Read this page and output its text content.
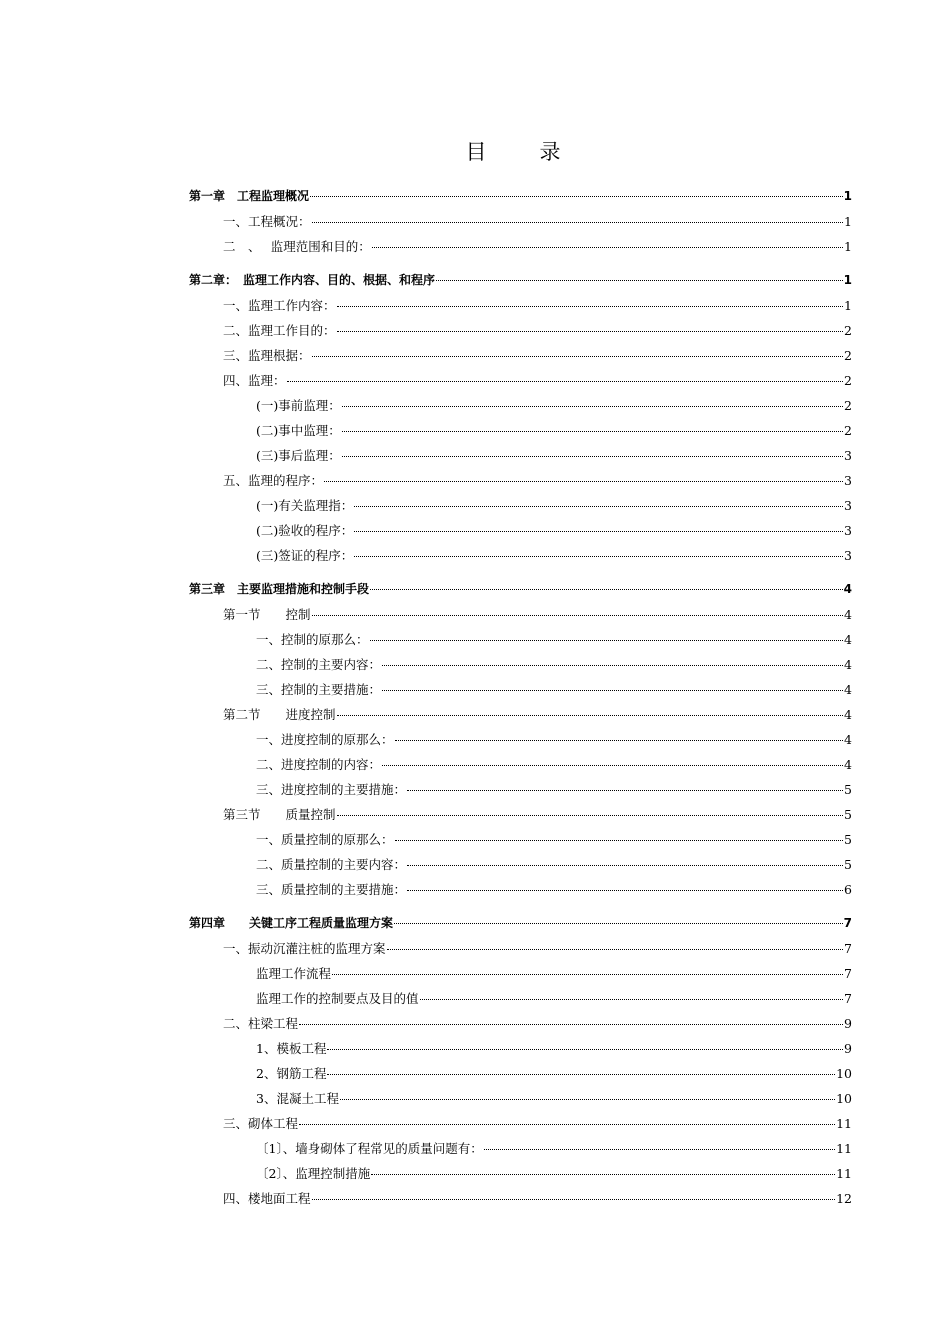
目　录
第一章　工程监理概况	1
一、工程概况：	1
二　、　 监理范围和目的：	1
第二章：　监理工作内容、目的、根据、和程序	1
一、监理工作内容：	1
二、监理工作目的：	2
三、监理根据：	2
四、监理：	2
(一)事前监理：	2
(二)事中监理：	2
(三)事后监理：	3
五、监理的程序：	3
(一)有关监理指：	3
(二)验收的程序：	3
(三)签证的程序：	3
第三章　主要监理措施和控制手段	4
第一节　　控制	4
一、控制的原那么：	4
二、控制的主要内容：	4
三、控制的主要措施：	4
第二节　　进度控制	4
一、进度控制的原那么：	4
二、进度控制的内容：	4
三、进度控制的主要措施：	5
第三节　　质量控制	5
一、质量控制的原那么：	5
二、质量控制的主要内容：	5
三、质量控制的主要措施：	6
第四章　　关键工序工程质量监理方案	7
一、振动沉灌注桩的监理方案	7
监理工作流程	7
监理工作的控制要点及目的值	7
二、柱梁工程	9
1、模板工程	9
2、钢筋工程	10
3、混凝土工程	10
三、砌体工程	11
〔1〕、墙身砌体了程常见的质量问题有：	11
〔2〕、监理控制措施	11
四、楼地面工程	12
